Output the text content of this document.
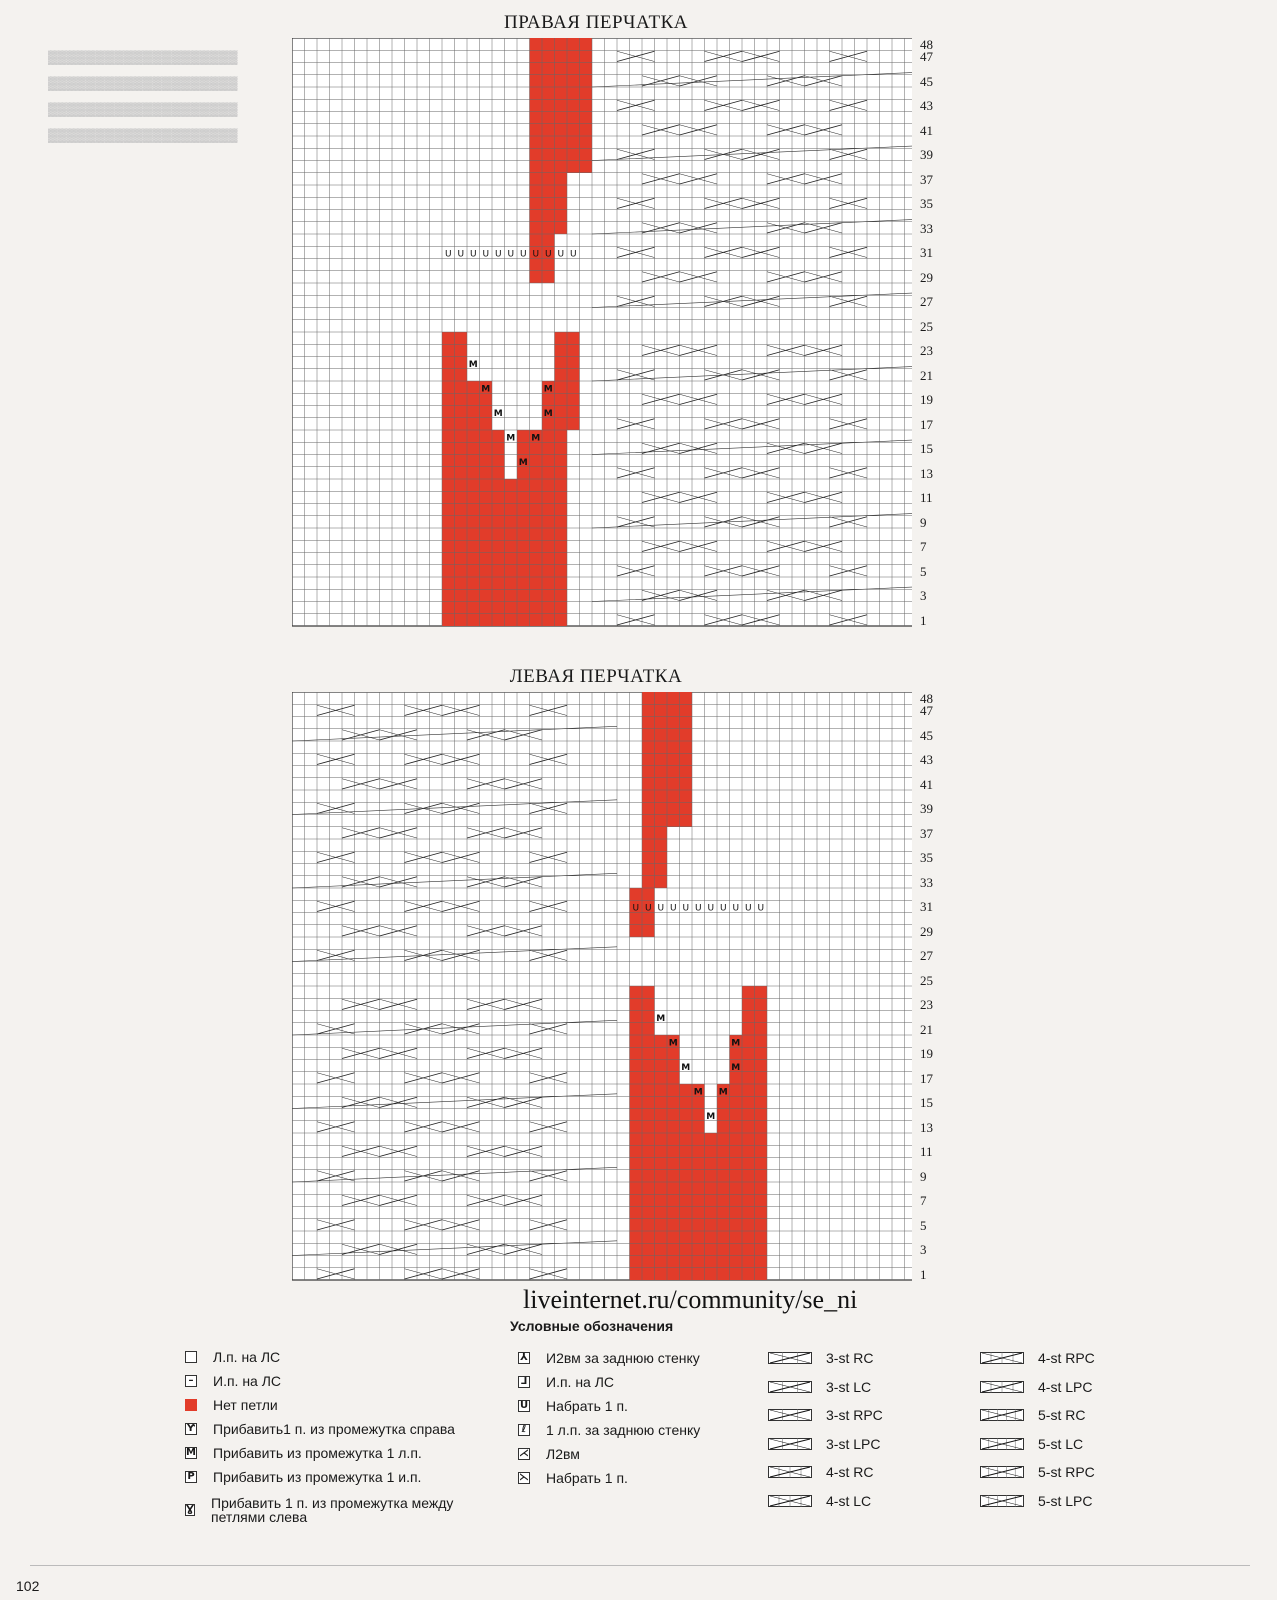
▓▓▓▓▓▓▓▓▓▓▓▓▓▓▓▓▓▓▓▓
▓▓▓▓▓▓▓▓▓▓▓▓▓▓▓▓▓▓▓▓
▓▓▓▓▓▓▓▓▓▓▓▓▓▓▓▓▓▓▓▓
▓▓▓▓▓▓▓▓▓▓▓▓▓▓▓▓▓▓▓▓

ПРАВАЯ ПЕРЧАТКА
M
M	M
M	M
M M
M
U U U U U U U U U U U
48
47
45
43
41
39
37
35
33
31
29
27
25
23
21
19
17
15
13
11
9
7
5
3
1
ЛЕВАЯ ПЕРЧАТКА
M
M	M
M	M
M M
M
U U U U U U U U U U U
48
47
45
43
41
39
37
35
33
31
29
27
25
23
21
19
17
15
13
11
9
7
5
3
1
liveinternet.ru/community/se_ni
Условные обозначения
Л.п. на ЛС
– И.п. на ЛС
Нет петли
Ƴ Прибавить1 п. из промежутка справа
M Прибавить из промежутка 1 л.п.
P Прибавить из промежутка 1 и.п.
Ɣ Прибавить 1 п. из промежутка между петлями слева
⅄ И2вм за заднюю стенку
⅃ И.п. на ЛС
U Набрать 1 п.
ℓ 1 л.п. за заднюю стенку
⋌ Л2вм
⋋ Набрать 1 п.
3-st RC
3-st LC
3-st RPC
3-st LPC
4-st RC
4-st LC
4-st RPC
4-st LPC
5-st RC
5-st LC
5-st RPC
5-st LPC
102
